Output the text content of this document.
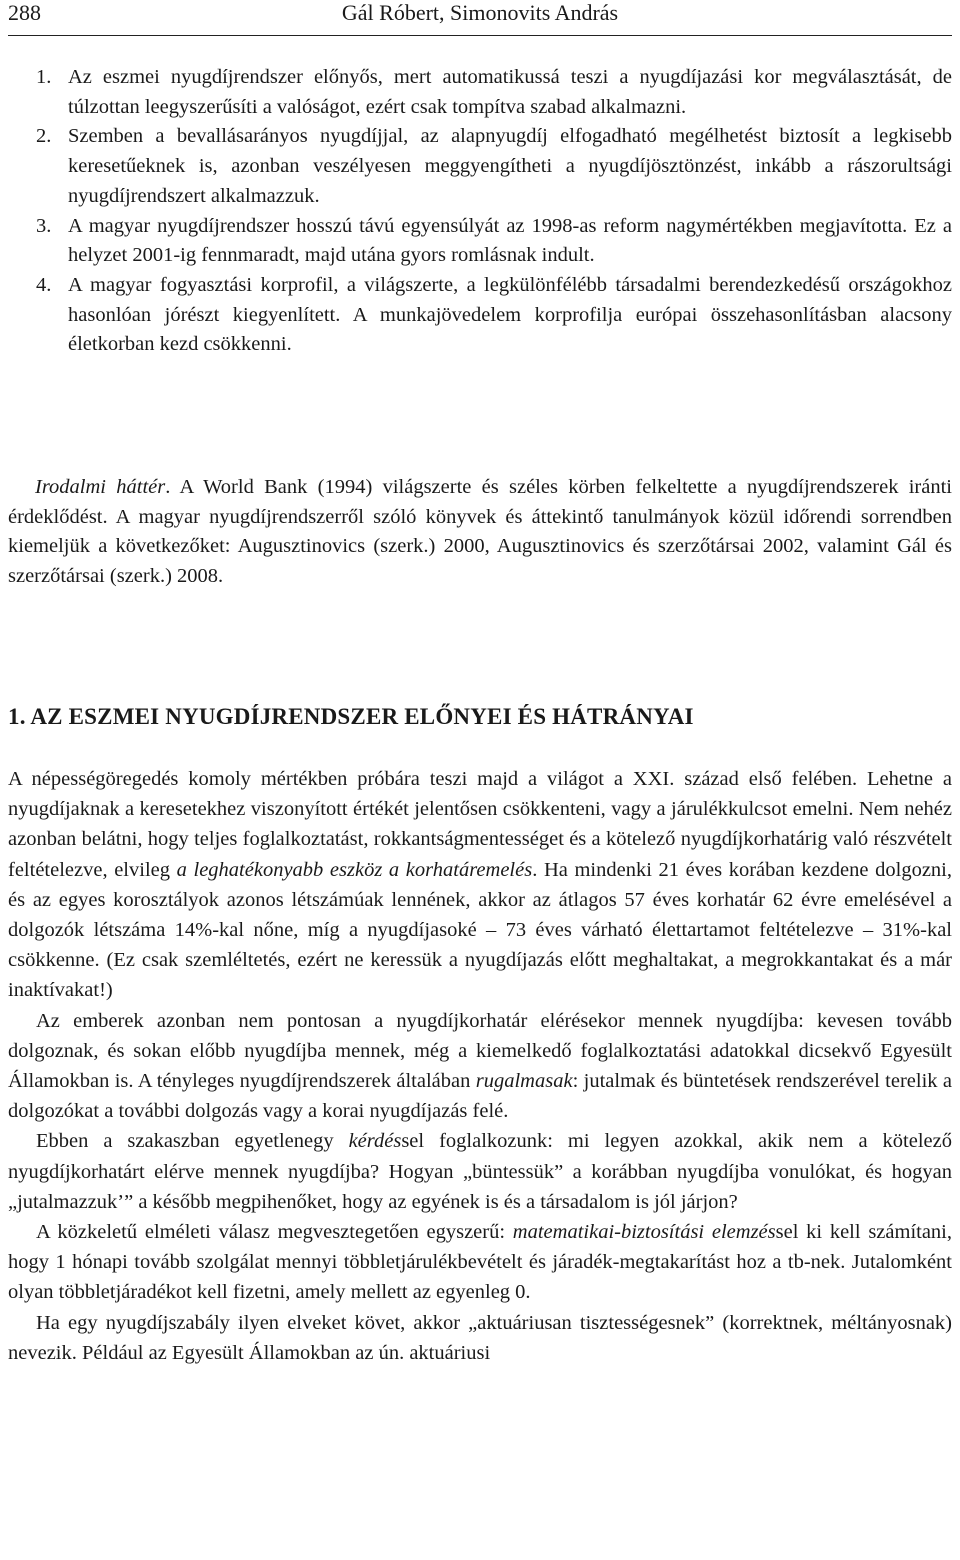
288	Gál Róbert, Simonovits András
1. Az eszmei nyugdíjrendszer előnyős, mert automatikussá teszi a nyugdíjazási kor megválasztását, de túlzottan leegyszerűsíti a valóságot, ezért csak tompítva szabad alkalmazni.
2. Szemben a bevallásarányos nyugdíjjal, az alapnyugdíj elfogadható megélhetést biztosít a legkisebb keresetűeknek is, azonban veszélyesen meggyengítheti a nyugdíjösztönzést, inkább a rászorultsági nyugdíjrendszert alkalmazzuk.
3. A magyar nyugdíjrendszer hosszú távú egyensúlyát az 1998-as reform nagymértékben megjavította. Ez a helyzet 2001-ig fennmaradt, majd utána gyors romlásnak indult.
4. A magyar fogyasztási korprofil, a világszerte, a legkülönfélébb társadalmi berendezkedésű országokhoz hasonlóan jórészt kiegyenlített. A munkajövedelem korprofilja európai összehasonlításban alacsony életkorban kezd csökkenni.

Irodalmi háttér. A World Bank (1994) világszerte és széles körben felkeltette a nyugdíjrendszerek iránti érdeklődést. A magyar nyugdíjrendszerről szóló könyvek és áttekintő tanulmányok közül időrendi sorrendben kiemeljük a következőket: Augusztinovics (szerk.) 2000, Augusztinovics és szerzőtársai 2002, valamint Gál és szerzőtársai (szerk.) 2008.

1. AZ ESZMEI NYUGDÍJRENDSZER ELŐNYEI ÉS HÁTRÁNYAI

A népességöregedés komoly mértékben próbára teszi majd a világot a XXI. század első felében. Lehetne a nyugdíjaknak a keresetekhez viszonyított értékét jelentősen csökkenteni, vagy a járulékkulcsot emelni. Nem nehéz azonban belátni, hogy teljes foglalkoztatást, rokkantságmentességet és a kötelező nyugdíjkorhatárig való részvételt feltételezve, elvileg a leghatékonyabb eszköz a korhatáremelés. Ha mindenki 21 éves korában kezdene dolgozni, és az egyes korosztályok azonos létszámúak lennének, akkor az átlagos 57 éves korhatár 62 évre emelésével a dolgozók létszáma 14%-kal nőne, míg a nyugdíjasoké – 73 éves várható élettartamot feltételezve – 31%-kal csökkenne. (Ez csak szemléltetés, ezért ne keressük a nyugdíjazás előtt meghaltakat, a megrokkantakat és a már inaktívakat!)

Az emberek azonban nem pontosan a nyugdíjkorhatár elérésekor mennek nyugdíjba: kevesen tovább dolgoznak, és sokan előbb nyugdíjba mennek, még a kiemelkedő foglalkoztatási adatokkal dicsekvő Egyesült Államokban is. A tényleges nyugdíjrendszerek általában rugalmasak: jutalmak és büntetések rendszerével terelik a dolgozókat a további dolgozás vagy a korai nyugdíjazás felé.

Ebben a szakaszban egyetlenegy kérdéssel foglalkozunk: mi legyen azokkal, akik nem a kötelező nyugdíjkorhatárt elérve mennek nyugdíjba? Hogyan „büntessük” a korábban nyugdíjba vonulókat, és hogyan „jutalmazzuk’” a később megpihenőket, hogy az egyének is és a társadalom is jól járjon?

A közkeletű elméleti válasz megvesztegetően egyszerű: matematikai-biztosítási elemzéssel ki kell számítani, hogy 1 hónapi tovább szolgálat mennyi többletjárulékbevételt és járadék-megtakarítást hoz a tb-nek. Jutalomként olyan többletjáradékot kell fizetni, amely mellett az egyenleg 0.

Ha egy nyugdíjszabály ilyen elveket követ, akkor „aktuáriusan tisztességesnek” (korrektnek, méltányosnak) nevezik. Például az Egyesült Államokban az ún. aktuáriusi
